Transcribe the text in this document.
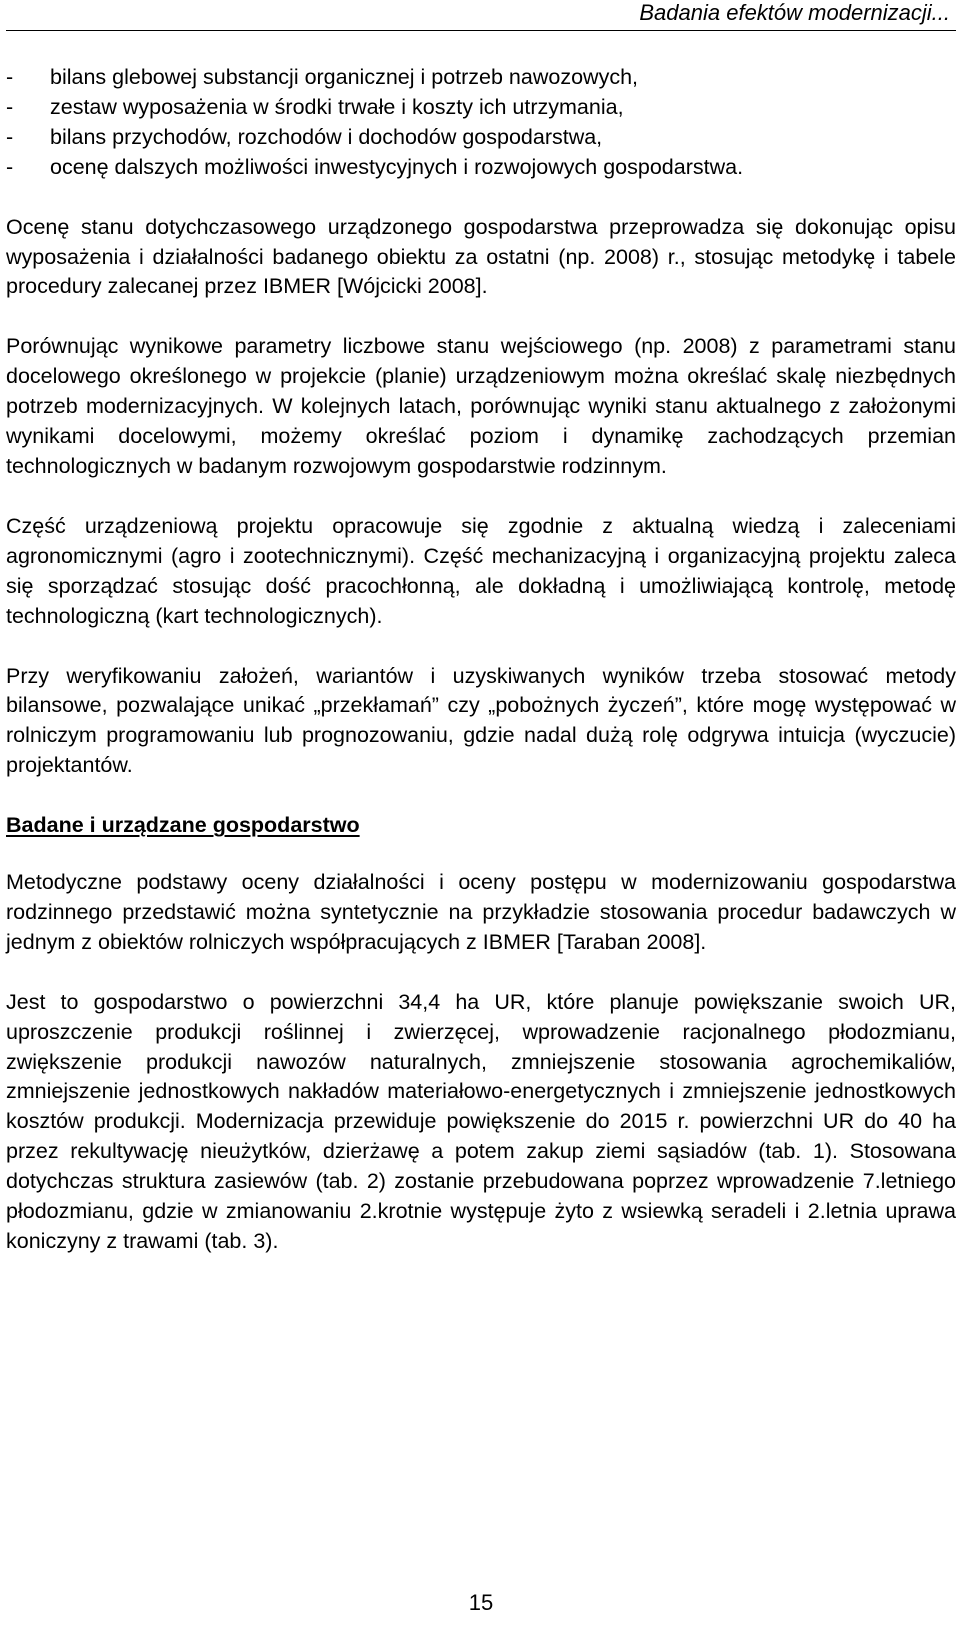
Badania efektów modernizacji...
- bilans glebowej substancji organicznej i potrzeb nawozowych,
- zestaw wyposażenia w środki trwałe i koszty ich utrzymania,
- bilans przychodów, rozchodów i dochodów gospodarstwa,
- ocenę dalszych możliwości inwestycyjnych i rozwojowych gospodarstwa.

Ocenę stanu dotychczasowego urządzonego gospodarstwa przeprowadza się dokonując opisu wyposażenia i działalności badanego obiektu za ostatni (np. 2008) r., stosując metodykę i tabele procedury zalecanej przez IBMER [Wójcicki 2008].

Porównując wynikowe parametry liczbowe stanu wejściowego (np. 2008) z parametrami stanu docelowego określonego w projekcie (planie) urządzeniowym można określać skalę niezbędnych potrzeb modernizacyjnych. W kolejnych latach, porównując wyniki stanu aktualnego z założonymi wynikami docelowymi, możemy określać poziom i dynamikę zachodzących przemian technologicznych w badanym rozwojowym gospodarstwie rodzinnym.

Część urządzeniową projektu opracowuje się zgodnie z aktualną wiedzą i zaleceniami agronomicznymi (agro i zootechnicznymi). Część mechanizacyjną i organizacyjną projektu zaleca się sporządzać stosując dość pracochłonną, ale dokładną i umożliwiającą kontrolę, metodę technologiczną (kart technologicznych).

Przy weryfikowaniu założeń, wariantów i uzyskiwanych wyników trzeba stosować metody bilansowe, pozwalające unikać „przekłamań” czy „pobożnych życzeń”, które mogę występować w rolniczym programowaniu lub prognozowaniu, gdzie nadal dużą rolę odgrywa intuicja (wyczucie) projektantów.

Badane i urządzane gospodarstwo

Metodyczne podstawy oceny działalności i oceny postępu w modernizowaniu gospodarstwa rodzinnego przedstawić można syntetycznie na przykładzie stosowania procedur badawczych w jednym z obiektów rolniczych współpracujących z IBMER [Taraban 2008].

Jest to gospodarstwo o powierzchni 34,4 ha UR, które planuje powiększanie swoich UR, uproszczenie produkcji roślinnej i zwierzęcej, wprowadzenie racjonalnego płodozmianu, zwiększenie produkcji nawozów naturalnych, zmniejszenie stosowania agrochemikaliów, zmniejszenie jednostkowych nakładów materiałowo-energetycznych i zmniejszenie jednostkowych kosztów produkcji. Modernizacja przewiduje powiększenie do 2015 r. powierzchni UR do 40 ha przez rekultywację nieużytków, dzierżawę a potem zakup ziemi sąsiadów (tab. 1). Stosowana dotychczas struktura zasiewów (tab. 2) zostanie przebudowana poprzez wprowadzenie 7.letniego płodozmianu, gdzie w zmianowaniu 2.krotnie występuje żyto z wsiewką seradeli i 2.letnia uprawa koniczyny z trawami (tab. 3).

15
